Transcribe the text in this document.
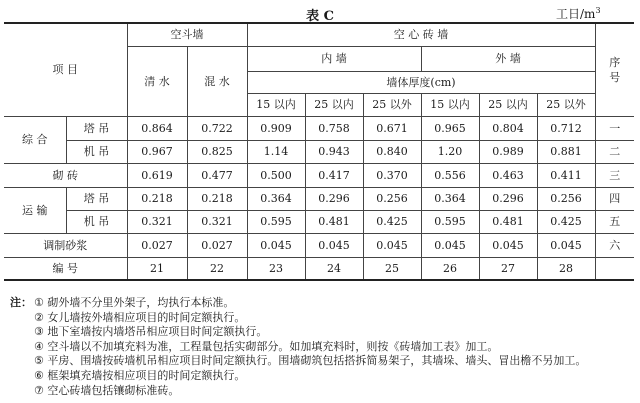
表 C	工日$/m^3$
项 目		空斗墙		空 心 砖 墙						序号
		清 水	混 水	内 墙			外 墙			
				墙体厚度(cm)						
				15 以内	25 以内	25 以外	15 以内	25 以内	25 以外	
综 合	塔 吊	0.864	0.722	0.909	0.758	0.671	0.965	0.804	0.712	一
	机 吊	0.967	0.825	1.14	0.943	0.840	1.20	0.989	0.881	二
砌 砖		0.619	0.477	0.500	0.417	0.370	0.556	0.463	0.411	三
运 输	塔 吊	0.218	0.218	0.364	0.296	0.256	0.364	0.296	0.256	四
	机 吊	0.321	0.321	0.595	0.481	0.425	0.595	0.481	0.425	五
调制砂浆		0.027	0.027	0.045	0.045	0.045	0.045	0.045	0.045	六
编 号		21	22	23	24	25	26	27	28	
注： ① 砌外墙不分里外架子，均执行本标准。
② 女儿墙按外墙相应项目的时间定额执行。
③ 地下室墙按内墙塔吊相应项目时间定额执行。
④ 空斗墙以不加填充料为准，工程量包括实砌部分。如加填充料时，则按《砖墙加工表》加工。
⑤ 平房、围墙按砖墙机吊相应项目时间定额执行。围墙砌筑包括搭拆简易架子，其墙垛、墙头、冒出檐不另加工。
⑥ 框架填充墙按相应项目的时间定额执行。
⑦ 空心砖墙包括镶砌标准砖。
